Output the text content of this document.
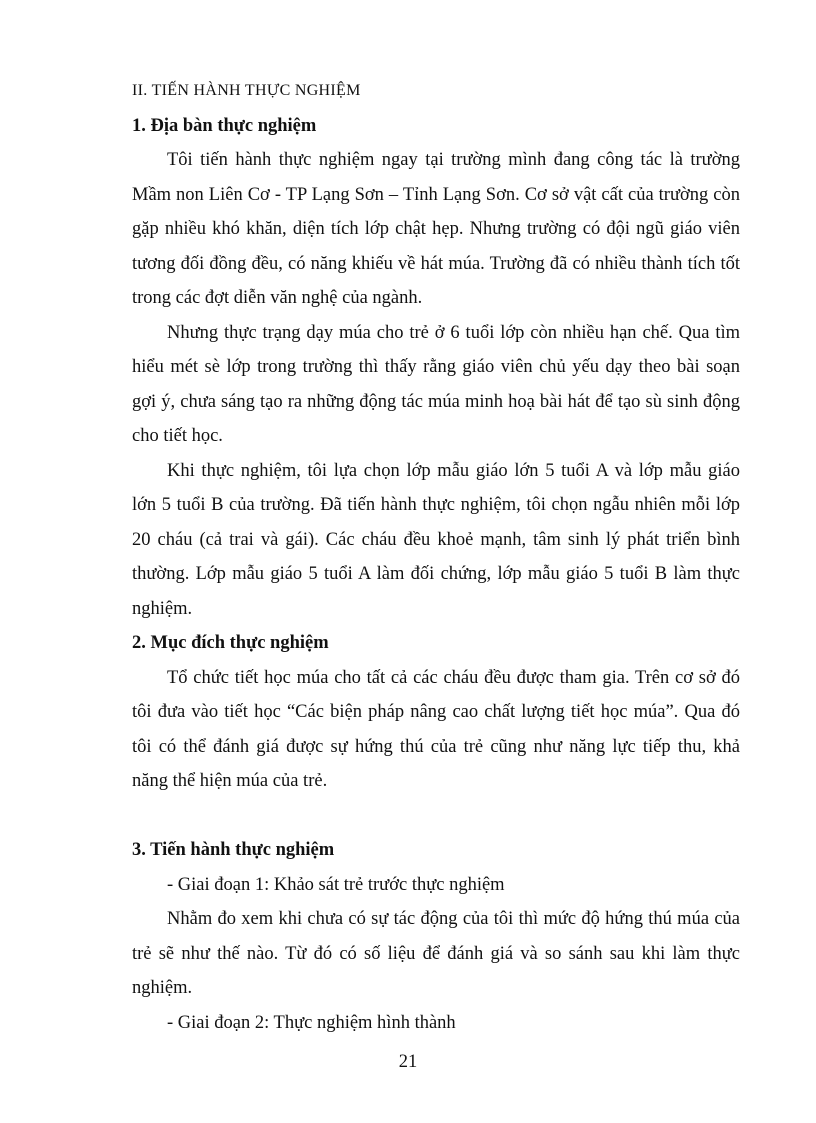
II. TIẾN HÀNH THỰC NGHIỆM
1. Địa bàn thực nghiệm
Tôi tiến hành thực nghiệm ngay tại trường mình đang công tác là trường
Mầm non Liên Cơ - TP Lạng Sơn – Tỉnh Lạng Sơn. Cơ sở vật cất của trường còn
gặp nhiều khó khăn, diện tích lớp chật hẹp. Nhưng trường có đội ngũ giáo viên
tương đối đồng đều, có năng khiếu về hát múa. Trường đã có nhiều thành tích tốt
trong các đợt diễn văn nghệ của ngành.
Nhưng thực trạng dạy múa cho trẻ ở 6 tuổi lớp còn nhiều hạn chế. Qua tìm
hiểu mét sè lớp trong trường thì thấy rằng giáo viên chủ yếu dạy theo bài soạn
gợi ý, chưa sáng tạo ra những động tác múa minh hoạ bài hát để tạo sù sinh động
cho tiết học.
Khi thực nghiệm, tôi lựa chọn lớp mẫu giáo lớn 5 tuổi A và lớp mẫu giáo
lớn 5 tuổi B của trường. Đã tiến hành thực nghiệm, tôi chọn ngẫu nhiên mỗi lớp
20 cháu (cả trai và gái). Các cháu đều khoẻ mạnh, tâm sinh lý phát triển bình
thường. Lớp mẫu giáo 5 tuổi A làm đối chứng, lớp mẫu giáo 5 tuổi B làm thực
nghiệm.
2. Mục đích thực nghiệm
Tổ chức tiết học múa cho tất cả các cháu đều được tham gia. Trên cơ sở đó
tôi đưa vào tiết học “Các biện pháp nâng cao chất lượng tiết học múa”. Qua đó
tôi có thể đánh giá được sự hứng thú của trẻ cũng như năng lực tiếp thu, khả
năng thể hiện múa của trẻ.
3. Tiến hành thực nghiệm
- Giai đoạn 1: Khảo sát trẻ trước thực nghiệm
Nhằm đo xem khi chưa có sự tác động của tôi thì mức độ hứng thú múa của
trẻ sẽ như thế nào. Từ đó có số liệu để đánh giá và so sánh sau khi làm thực
nghiệm.
- Giai đoạn 2: Thực nghiệm hình thành
21
